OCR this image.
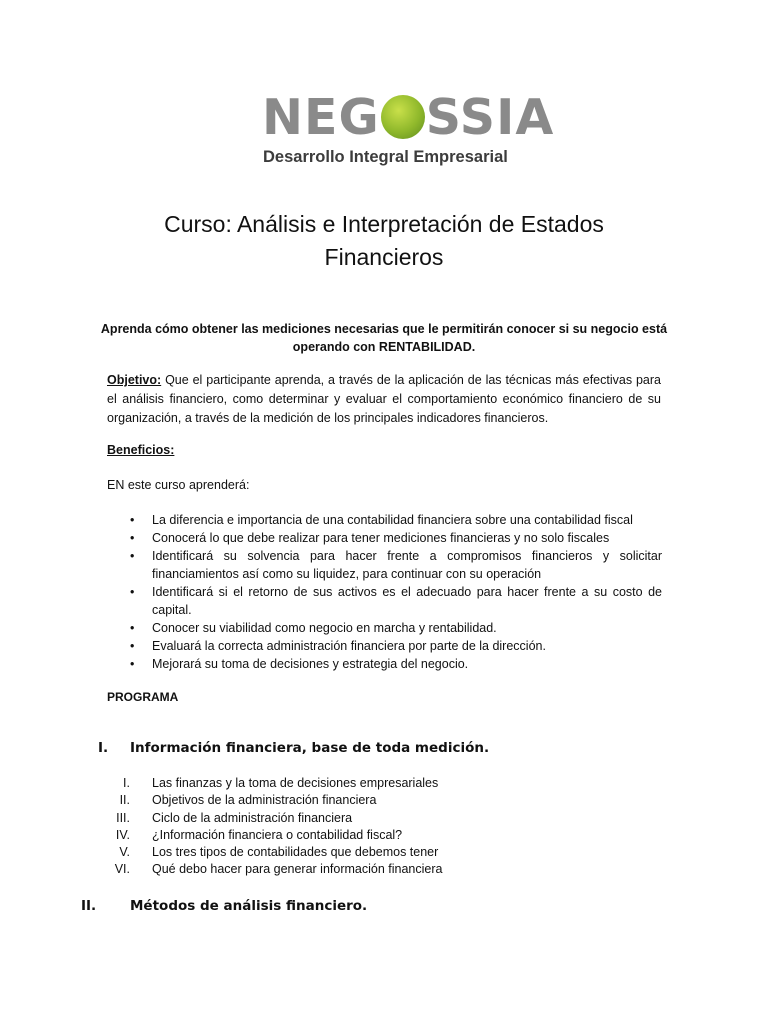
NEG SSIA
Desarrollo Integral Empresarial
Curso: Análisis e Interpretación de Estados
Financieros
Aprenda cómo obtener las mediciones necesarias que le permitirán conocer si su negocio está
operando con RENTABILIDAD.
Objetivo: Que el participante aprenda, a través de la aplicación de las técnicas más efectivas para el análisis financiero, como determinar y evaluar el comportamiento económico financiero de su organización, a través de la medición de los principales indicadores financieros.
Beneficios:
EN este curso aprenderá:
• La diferencia e importancia de una contabilidad financiera sobre una contabilidad fiscal
• Conocerá lo que debe realizar para tener mediciones financieras y no solo fiscales
• Identificará su solvencia para hacer frente a compromisos financieros y solicitar financiamientos así como su liquidez, para continuar con su operación
• Identificará si el retorno de sus activos es el adecuado para hacer frente a su costo de capital.
• Conocer su viabilidad como negocio en marcha y rentabilidad.
• Evaluará la correcta administración financiera por parte de la dirección.
• Mejorará su toma de decisiones y estrategia del negocio.
PROGRAMA
I. Información financiera, base de toda medición.
I. Las finanzas y la toma de decisiones empresariales
II. Objetivos de la administración financiera
III. Ciclo de la administración financiera
IV. ¿Información financiera o contabilidad fiscal?
V. Los tres tipos de contabilidades que debemos tener
VI. Qué debo hacer para generar información financiera
II.	Métodos de análisis financiero.
